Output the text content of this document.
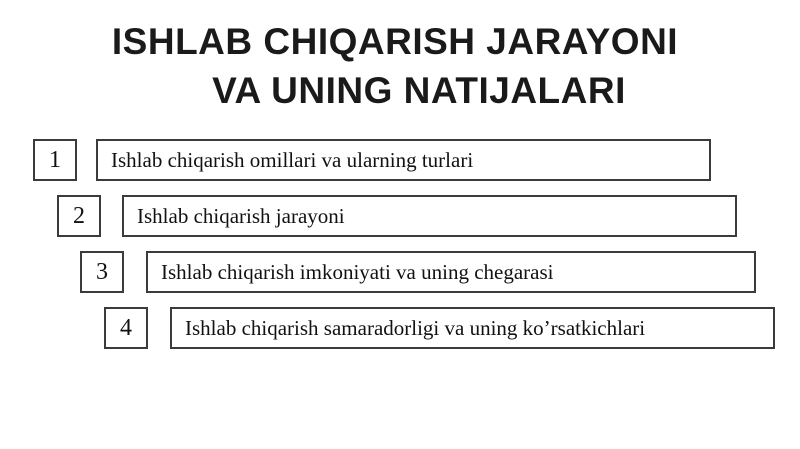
ISHLAB CHIQARISH JARAYONI
VA UNING NATIJALARI
1	Ishlab chiqarish omillari va ularning turlari
2	Ishlab chiqarish jarayoni
3	Ishlab chiqarish imkoniyati va uning chegarasi
4	Ishlab chiqarish samaradorligi va uning ko’rsatkichlari
